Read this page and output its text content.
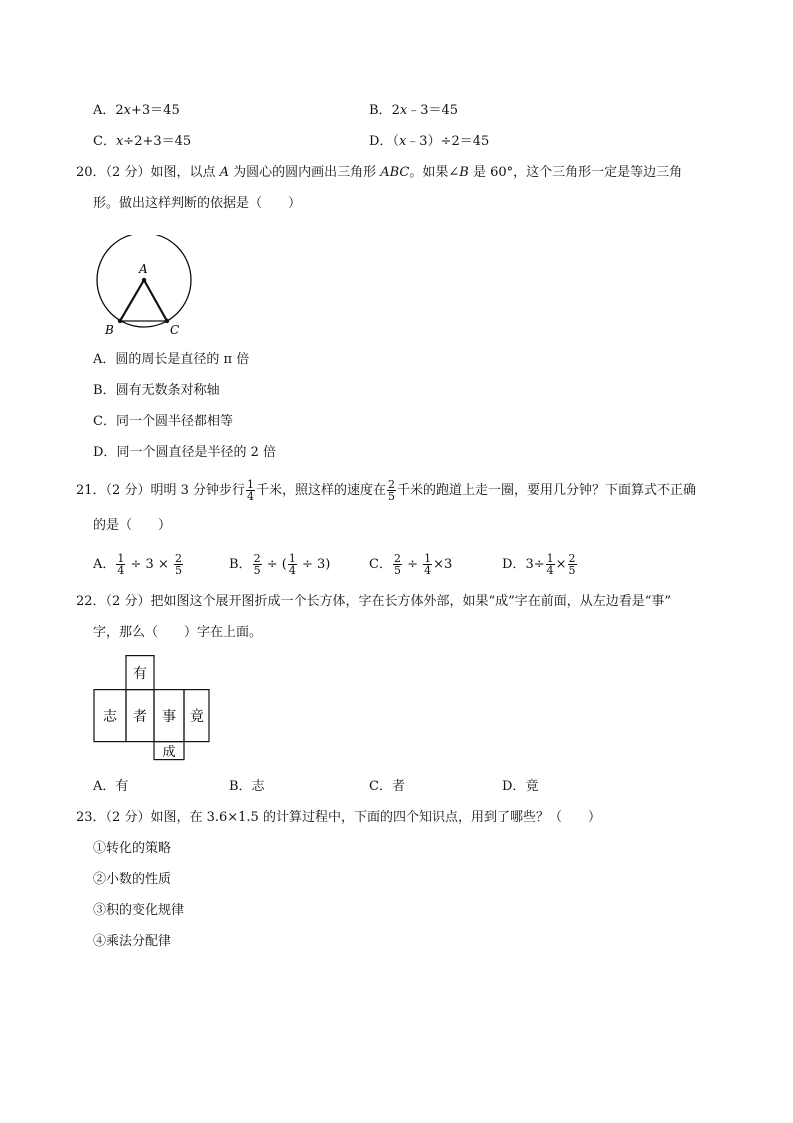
A．2x+3＝45	B．2x﹣3＝45
C．x÷2+3＝45	D．（x﹣3）÷2＝45
20．（2 分）如图，以点 A 为圆心的圆内画出三角形 ABC。如果∠B 是 60°，这个三角形一定是等边三角
形。做出这样判断的依据是（　　）
A
B	C
A．圆的周长是直径的 π 倍
B．圆有无数条对称轴
C．同一个圆半径都相等
D．同一个圆直径是半径的 2 倍
21．（2 分）明明 3 分钟步行 $\frac{1}{4}$ 千米，照这样的速度在 $\frac{2}{5}$ 千米的跑道上走一圈，要用几分钟？下面算式不正确
的是（　　）
A． $\frac{1}{4} \div 3 \times \frac{2}{5}$	B． $\frac{2}{5}$ ÷ ( $\frac{1}{4} \div 3$)	C． $\frac{2}{5} \div \frac{1}{4} \times 3$	D．$3\div \frac{1}{4} \times \frac{2}{5}$
22．（2 分）把如图这个展开图折成一个长方体，字在长方体外部，如果“成”字在前面，从左边看是“事”
字，那么（　　）字在上面。
有
志 者 事 竟
成
A．有	B．志	C．者	D．竟
23．（2 分）如图，在 3.6×1.5 的计算过程中，下面的四个知识点，用到了哪些？（　　）
①转化的策略
②小数的性质
③积的变化规律
④乘法分配律
